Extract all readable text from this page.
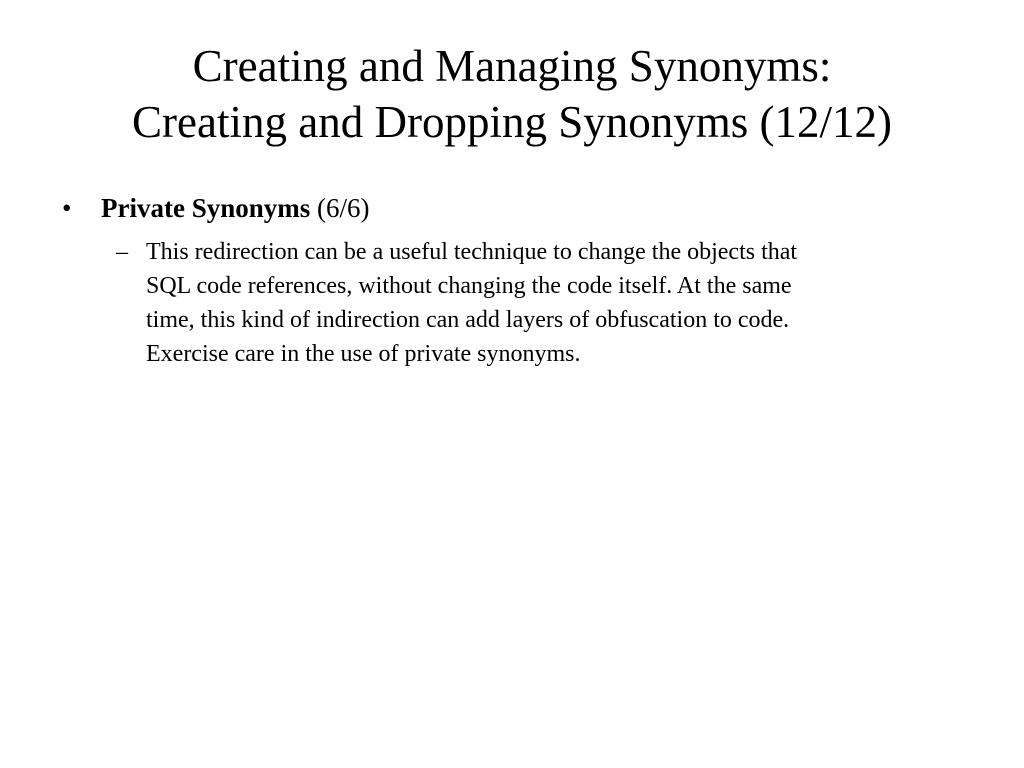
Creating and Managing Synonyms:
Creating and Dropping Synonyms (12/12)
• Private Synonyms (6/6)
– This redirection can be a useful technique to change the objects that
SQL code references, without changing the code itself. At the same
time, this kind of indirection can add layers of obfuscation to code.
Exercise care in the use of private synonyms.
